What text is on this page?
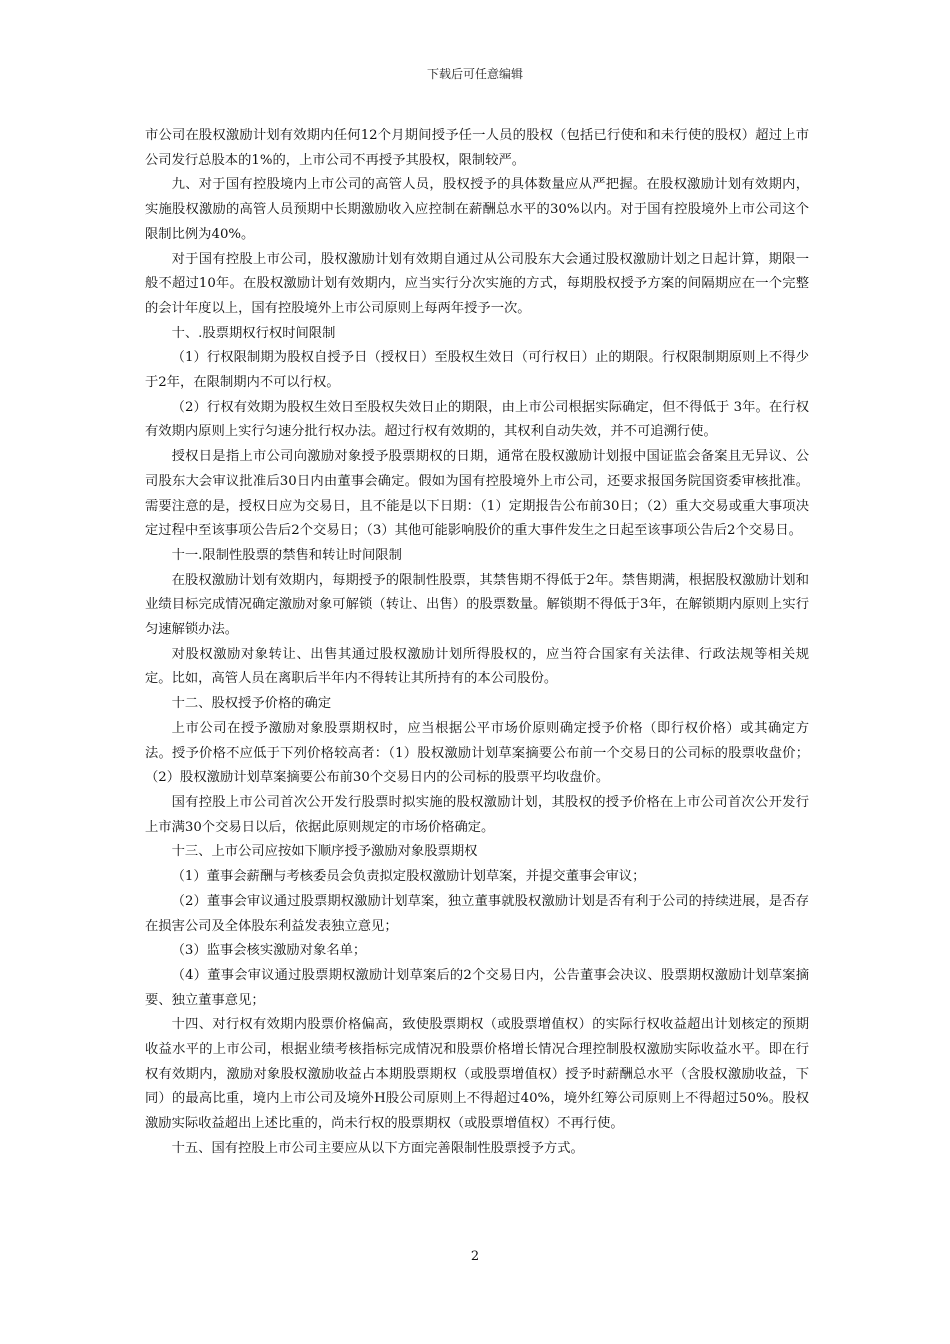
下载后可任意编辑

市公司在股权激励计划有效期内任何12个月期间授予任一人员的股权（包括已行使和和未行使的股权）超过上市公司发行总股本的1%的，上市公司不再授予其股权，限制较严。

九、对于国有控股境内上市公司的高管人员，股权授予的具体数量应从严把握。在股权激励计划有效期内，实施股权激励的高管人员预期中长期激励收入应控制在薪酬总水平的30%以内。对于国有控股境外上市公司这个限制比例为40%。

对于国有控股上市公司，股权激励计划有效期自通过从公司股东大会通过股权激励计划之日起计算，期限一般不超过10年。在股权激励计划有效期内，应当实行分次实施的方式，每期股权授予方案的间隔期应在一个完整的会计年度以上，国有控股境外上市公司原则上每两年授予一次。

十、.股票期权行权时间限制

（1）行权限制期为股权自授予日（授权日）至股权生效日（可行权日）止的期限。行权限制期原则上不得少于2年，在限制期内不可以行权。

（2）行权有效期为股权生效日至股权失效日止的期限，由上市公司根据实际确定，但不得低于 3年。在行权有效期内原则上实行匀速分批行权办法。超过行权有效期的，其权利自动失效，并不可追溯行使。

授权日是指上市公司向激励对象授予股票期权的日期，通常在股权激励计划报中国证监会备案且无异议、公司股东大会审议批准后30日内由董事会确定。假如为国有控股境外上市公司，还要求报国务院国资委审核批准。需要注意的是，授权日应为交易日，且不能是以下日期：（1）定期报告公布前30日；（2）重大交易或重大事项决定过程中至该事项公告后2个交易日；（3）其他可能影响股价的重大事件发生之日起至该事项公告后2个交易日。

十一.限制性股票的禁售和转让时间限制

在股权激励计划有效期内，每期授予的限制性股票，其禁售期不得低于2年。禁售期满，根据股权激励计划和业绩目标完成情况确定激励对象可解锁（转让、出售）的股票数量。解锁期不得低于3年，在解锁期内原则上实行匀速解锁办法。

对股权激励对象转让、出售其通过股权激励计划所得股权的，应当符合国家有关法律、行政法规等相关规定。比如，高管人员在离职后半年内不得转让其所持有的本公司股份。

十二、股权授予价格的确定

上市公司在授予激励对象股票期权时，应当根据公平市场价原则确定授予价格（即行权价格）或其确定方法。授予价格不应低于下列价格较高者：（1）股权激励计划草案摘要公布前一个交易日的公司标的股票收盘价；（2）股权激励计划草案摘要公布前30个交易日内的公司标的股票平均收盘价。

国有控股上市公司首次公开发行股票时拟实施的股权激励计划，其股权的授予价格在上市公司首次公开发行上市满30个交易日以后，依据此原则规定的市场价格确定。

十三、上市公司应按如下顺序授予激励对象股票期权

（1）董事会薪酬与考核委员会负责拟定股权激励计划草案，并提交董事会审议；

（2）董事会审议通过股票期权激励计划草案，独立董事就股权激励计划是否有利于公司的持续进展，是否存在损害公司及全体股东利益发表独立意见；

（3）监事会核实激励对象名单；

（4）董事会审议通过股票期权激励计划草案后的2个交易日内，公告董事会决议、股票期权激励计划草案摘要、独立董事意见；

十四、对行权有效期内股票价格偏高，致使股票期权（或股票增值权）的实际行权收益超出计划核定的预期收益水平的上市公司，根据业绩考核指标完成情况和股票价格增长情况合理控制股权激励实际收益水平。即在行权有效期内，激励对象股权激励收益占本期股票期权（或股票增值权）授予时薪酬总水平（含股权激励收益，下同）的最高比重，境内上市公司及境外H股公司原则上不得超过40%，境外红筹公司原则上不得超过50%。股权激励实际收益超出上述比重的，尚未行权的股票期权（或股票增值权）不再行使。

十五、国有控股上市公司主要应从以下方面完善限制性股票授予方式。

2
